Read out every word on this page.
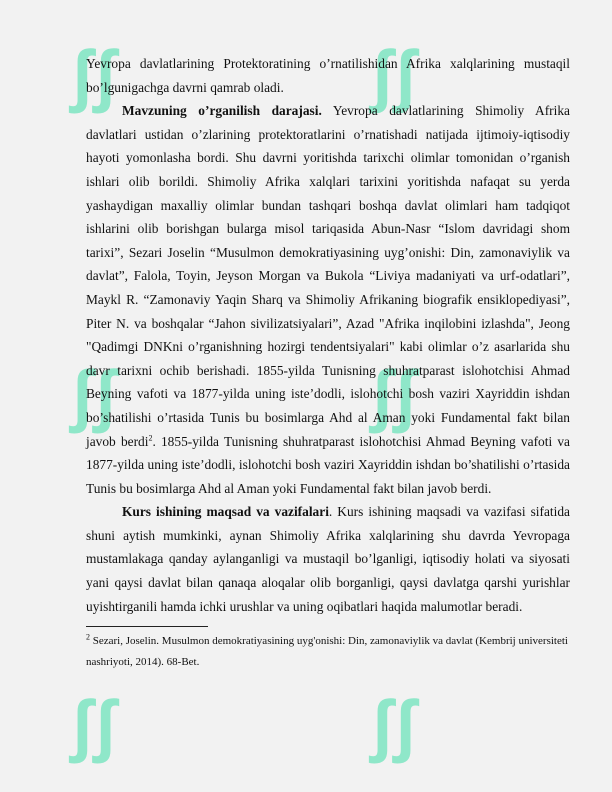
ʃʃ	ʃʃ
ʃʃ	ʃʃ
ʃʃ	ʃʃ

Yevropa davlatlarining Protektoratining o’rnatilishidan Afrika xalqlarining mustaqil bo’lgunigachga davrni qamrab oladi.

Mavzuning o’rganilish darajasi. Yevropa davlatlarining Shimoliy Afrika davlatlari ustidan o’zlarining protektoratlarini o’rnatishadi natijada ijtimoiy-iqtisodiy hayoti yomonlasha bordi. Shu davrni yoritishda tarixchi olimlar tomonidan o’rganish ishlari olib borildi. Shimoliy Afrika xalqlari tarixini yoritishda nafaqat su yerda yashaydigan maxalliy olimlar bundan tashqari boshqa davlat olimlari ham tadqiqot ishlarini olib borishgan bularga misol tariqasida Abun-Nasr “Islom davridagi shom tarixi”, Sezari Joselin “Musulmon demokratiyasining uyg’onishi: Din, zamonaviylik va davlat”, Falola, Toyin, Jeyson Morgan va Bukola “Liviya madaniyati va urf-odatlari”, Maykl R. “Zamonaviy Yaqin Sharq va Shimoliy Afrikaning biografik ensiklopediyasi”, Piter N. va boshqalar “Jahon sivilizatsiyalari”, Azad "Afrika inqilobini izlashda", Jeong "Qadimgi DNKni o’rganishning hozirgi tendentsiyalari" kabi olimlar o’z asarlarida shu davr tarixni ochib berishadi. 1855-yilda Tunisning shuhratparast islohotchisi Ahmad Beyning vafoti va 1877-yilda uning iste’dodli, islohotchi bosh vaziri Xayriddin ishdan bo’shatilishi o’rtasida Tunis bu bosimlarga Ahd al Aman yoki Fundamental fakt bilan javob berdi$^2$. 1855-yilda Tunisning shuhratparast islohotchisi Ahmad Beyning vafoti va 1877-yilda uning iste’dodli, islohotchi bosh vaziri Xayriddin ishdan bo’shatilishi o’rtasida Tunis bu bosimlarga Ahd al Aman yoki Fundamental fakt bilan javob berdi.

Kurs ishining maqsad va vazifalari. Kurs ishining maqsadi va vazifasi sifatida shuni aytish mumkinki, aynan Shimoliy Afrika xalqlarining shu davrda Yevropaga mustamlakaga qanday aylanganligi va mustaqil bo’lganligi, iqtisodiy holati va siyosati yani qaysi davlat bilan qanaqa aloqalar olib borganligi, qaysi davlatga qarshi yurishlar uyishtirganili hamda ichki urushlar va uning oqibatlari haqida malumotlar beradi.

$^2$ Sezari, Joselin. Musulmon demokratiyasining uyg'onishi: Din, zamonaviylik va davlat (Kembrij universiteti nashriyoti, 2014). 68-Bet.
